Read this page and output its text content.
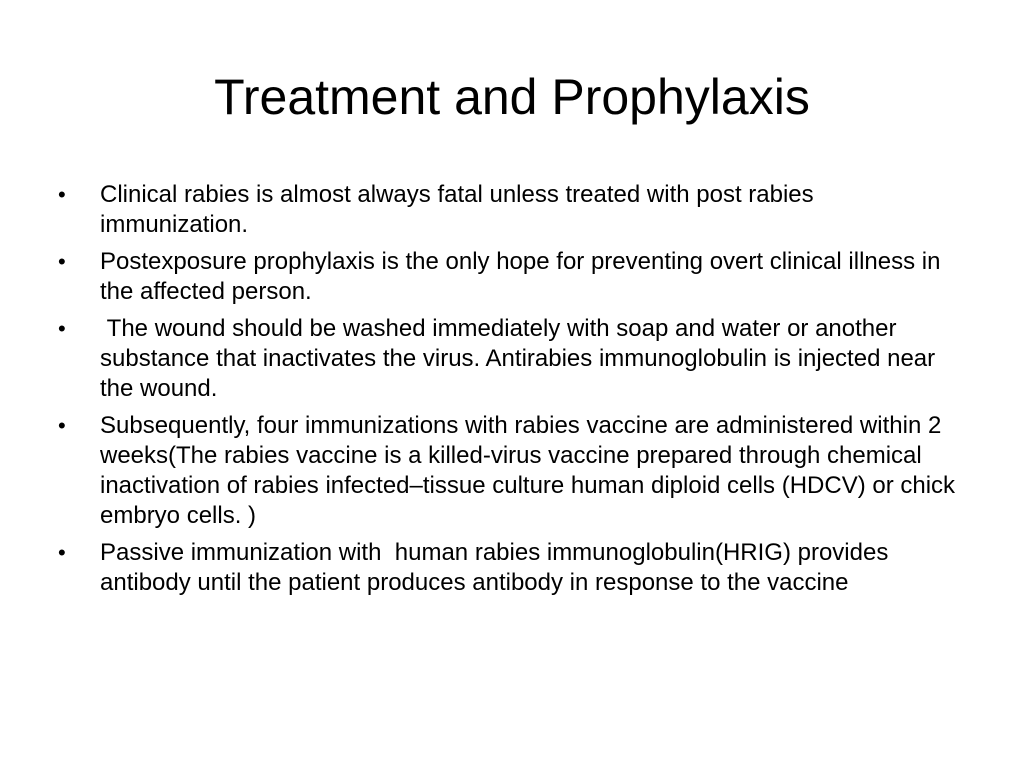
Treatment and Prophylaxis
• Clinical rabies is almost always fatal unless treated with post rabies immunization.
• Postexposure prophylaxis is the only hope for preventing overt clinical illness in the affected person.
• The wound should be washed immediately with soap and water or another substance that inactivates the virus. Antirabies immunoglobulin is injected near the wound.
• Subsequently, four immunizations with rabies vaccine are administered within 2 weeks(The rabies vaccine is a killed-virus vaccine prepared through chemical inactivation of rabies infected–tissue culture human diploid cells (HDCV) or chick embryo cells. )
• Passive immunization with  human rabies immunoglobulin(HRIG) provides antibody until the patient produces antibody in response to the vaccine
